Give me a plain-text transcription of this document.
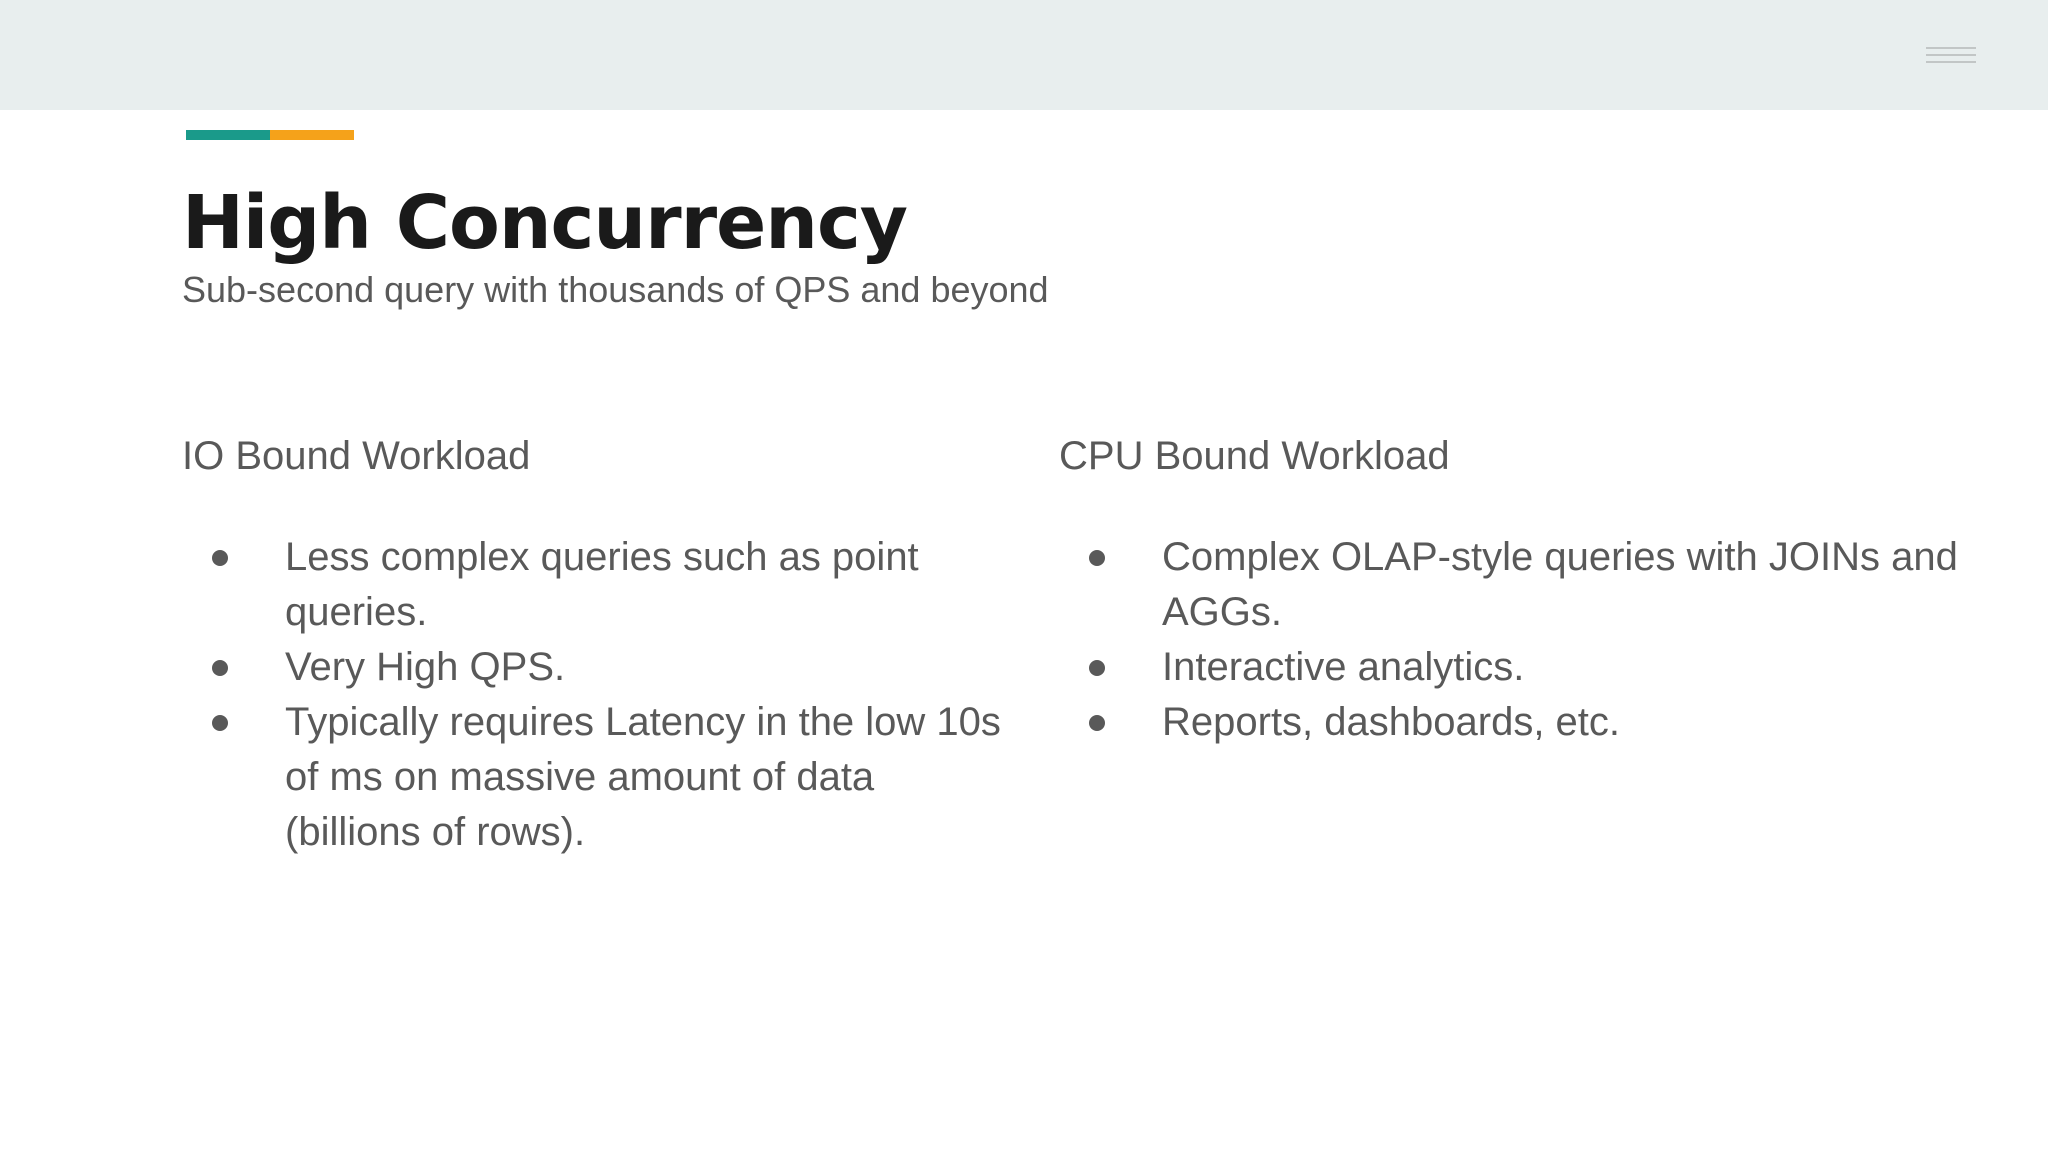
High Concurrency

Sub-second query with thousands of QPS and beyond

IO Bound Workload
Less complex queries such as point queries.
Very High QPS.
Typically requires Latency in the low 10s of ms on massive amount of data (billions of rows).
CPU Bound Workload
Complex OLAP-style queries with JOINs and AGGs.
Interactive analytics.
Reports, dashboards, etc.
